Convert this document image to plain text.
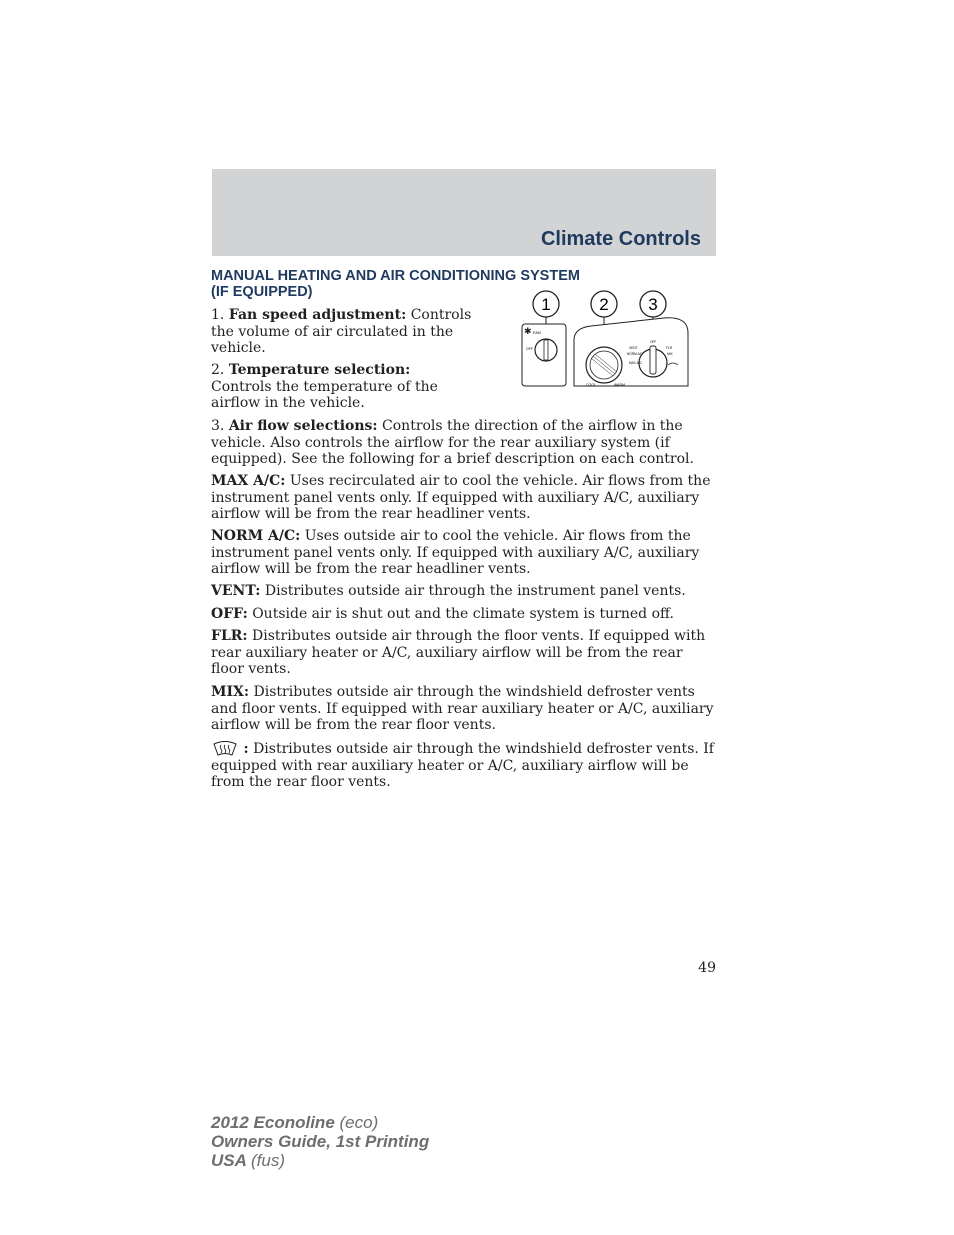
Climate Controls
MANUAL HEATING AND AIR CONDITIONING SYSTEM
(IF EQUIPPED)
1	2 3
✱ FAN
OFF
COOL	WARM
VENT
NORM A/C
MAX A/C
OFF
FLR
MIX

1. Fan speed adjustment: Controls the volume of air circulated in the vehicle.

2. Temperature selection:
Controls the temperature of the airflow in the vehicle.

3. Air flow selections: Controls the direction of the airflow in the vehicle. Also controls the airflow for the rear auxiliary system (if equipped). See the following for a brief description on each control.

MAX A/C: Uses recirculated air to cool the vehicle. Air flows from the instrument panel vents only. If equipped with auxiliary A/C, auxiliary airflow will be from the rear headliner vents.

NORM A/C: Uses outside air to cool the vehicle. Air flows from the instrument panel vents only. If equipped with auxiliary A/C, auxiliary airflow will be from the rear headliner vents.

VENT: Distributes outside air through the instrument panel vents.

OFF: Outside air is shut out and the climate system is turned off.

FLR: Distributes outside air through the floor vents. If equipped with rear auxiliary heater or A/C, auxiliary airflow will be from the rear floor vents.

MIX: Distributes outside air through the windshield defroster vents and floor vents. If equipped with rear auxiliary heater or A/C, auxiliary airflow will be from the rear floor vents.

: Distributes outside air through the windshield defroster vents. If equipped with rear auxiliary heater or A/C, auxiliary airflow will be from the rear floor vents.

49
2012 Econoline (eco)
Owners Guide, 1st Printing
USA (fus)
